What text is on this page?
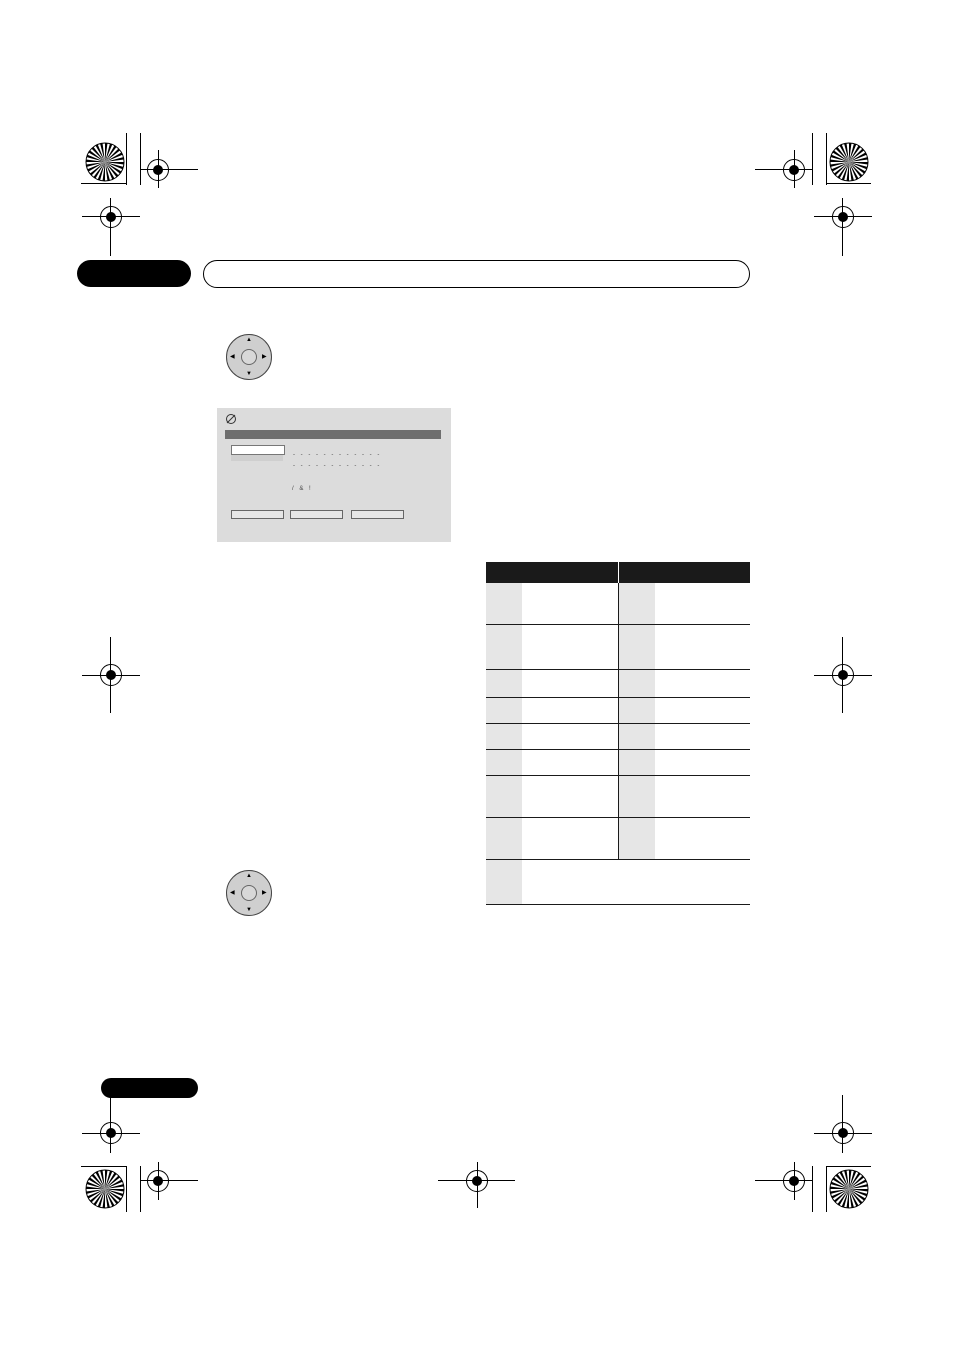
▲
▼
◀	▶
- - - - - - - - - - - -
- - - - - - - - - - - -
/ & !
▲
▼
◀	▶
